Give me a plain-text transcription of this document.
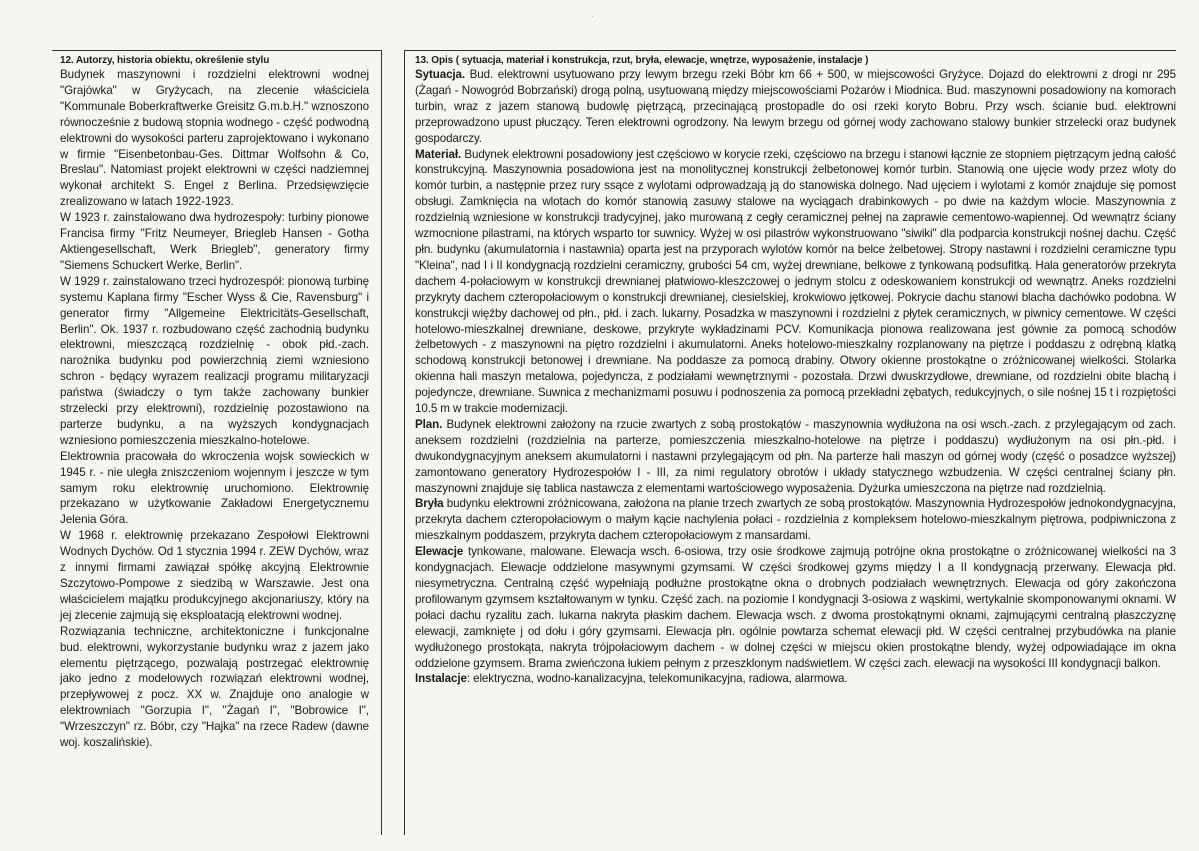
·
12. Autorzy, historia obiektu, określenie stylu

Budynek maszynowni i rozdzielni elektrowni wodnej "Grajówka" w Gryżycach, na zlecenie właściciela "Kommunale Boberkraftwerke Greisitz G.m.b.H." wznoszono równocześnie z budową stopnia wodnego - część podwodną elektrowni do wysokości parteru zaprojektowano i wykonano w firmie "Eisenbetonbau-Ges. Dittmar Wolfsohn & Co, Breslau". Natomiast projekt elektrowni w części nadziemnej wykonał architekt S. Engel z Berlina. Przedsięwzięcie zrealizowano w latach 1922-1923.

W 1923 r. zainstalowano dwa hydrozespoły: turbiny pionowe Francisa firmy "Fritz Neumeyer, Briegleb Hansen - Gotha Aktiengesellschaft, Werk Briegleb", generatory firmy "Siemens Schuckert Werke, Berlin".

W 1929 r. zainstalowano trzeci hydrozespół: pionową turbinę systemu Kaplana firmy "Escher Wyss & Cie, Ravensburg" i generator firmy "Allgemeine Elektricitäts-Gesellschaft, Berlin". Ok. 1937 r. rozbudowano część zachodnią budynku elektrowni, mieszczącą rozdzielnię - obok płd.-zach. narożnika budynku pod powierzchnią ziemi wzniesiono schron - będący wyrazem realizacji programu militaryzacji państwa (świadczy o tym także zachowany bunkier strzelecki przy elektrowni), rozdzielnię pozostawiono na parterze budynku, a na wyższych kondygnacjach wzniesiono pomieszczenia mieszkalno-hotelowe.

Elektrownia pracowała do wkroczenia wojsk sowieckich w 1945 r. - nie uległa zniszczeniom wojennym i jeszcze w tym samym roku elektrownię uruchomiono. Elektrownię przekazano w użytkowanie Zakładowi Energetycznemu Jelenia Góra.

W 1968 r. elektrownię przekazano Zespołowi Elektrowni Wodnych Dychów. Od 1 stycznia 1994 r. ZEW Dychów, wraz z innymi firmami zawiązał spółkę akcyjną Elektrownie Szczytowo-Pompowe z siedzibą w Warszawie. Jest ona właścicielem majątku produkcyjnego akcjonariuszy, który na jej zlecenie zajmują się eksploatacją elektrowni wodnej.

Rozwiązania techniczne, architektoniczne i funkcjonalne bud. elektrowni, wykorzystanie budynku wraz z jazem jako elementu piętrzącego, pozwalają postrzegać elektrownię jako jedno z modelowych rozwiązań elektrowni wodnej, przepływowej z pocz. XX w. Znajduje ono analogie w elektrowniach "Gorzupia I", "Żagań I", "Bobrowice I", "Wrzeszczyn" rz. Bóbr, czy "Hajka" na rzece Radew (dawne woj. koszalińskie).

13. Opis ( sytuacja, materiał i konstrukcja, rzut, bryła, elewacje, wnętrze, wyposażenie, instalacje )

Sytuacja. Bud. elektrowni usytuowano przy lewym brzegu rzeki Bóbr km 66 + 500, w miejscowości Gryżyce. Dojazd do elektrowni z drogi nr 295 (Żagań - Nowogród Bobrzański) drogą polną, usytuowaną między miejscowościami Pożarów i Miodnica. Bud. maszynowni posadowiony na komorach turbin, wraz z jazem stanową budowlę piętrzącą, przecinającą prostopadle do osi rzeki koryto Bobru. Przy wsch. ścianie bud. elektrowni przeprowadzono upust płuczący. Teren elektrowni ogrodzony. Na lewym brzegu od górnej wody zachowano stalowy bunkier strzelecki oraz budynek gospodarczy.

Materiał. Budynek elektrowni posadowiony jest częściowo w korycie rzeki, częściowo na brzegu i stanowi łącznie ze stopniem piętrzącym jedną całość konstrukcyjną. Maszynownia posadowiona jest na monolitycznej konstrukcji żelbetonowej komór turbin. Stanowią one ujęcie wody przez wloty do komór turbin, a następnie przez rury ssące z wylotami odprowadzają ją do stanowiska dolnego. Nad ujęciem i wylotami z komór znajduje się pomost obsługi. Zamknięcia na wlotach do komór stanowią zasuwy stalowe na wyciągach drabinkowych - po dwie na każdym wlocie. Maszynownia z rozdzielnią wzniesione w konstrukcji tradycyjnej, jako murowaną z cegły ceramicznej pełnej na zaprawie cementowo-wapiennej. Od wewnątrz ściany wzmocnione pilastrami, na których wsparto tor suwnicy. Wyżej w osi pilastrów wykonstruowano "siwiki" dla podparcia konstrukcji nośnej dachu. Część płn. budynku (akumulatornia i nastawnia) oparta jest na przyporach wylotów komór na belce żelbetowej. Stropy nastawni i rozdzielni ceramiczne typu "Kleina", nad I i II kondygnacją rozdzielni ceramiczny, grubości 54 cm, wyżej drewniane, belkowe z tynkowaną podsufitką. Hala generatorów przekryta dachem 4-połaciowym w konstrukcji drewnianej płatwiowo-kleszczowej o jednym stolcu z odeskowaniem konstrukcji od wewnątrz. Aneks rozdzielni przykryty dachem czteropołaciowym o konstrukcji drewnianej, ciesielskiej, krokwiowo jętkowej. Pokrycie dachu stanowi blacha dachówko podobna. W konstrukcji więźby dachowej od płn., płd. i zach. lukarny. Posadzka w maszynowni i rozdzielni z płytek ceramicznych, w piwnicy cementowe. W części hotelowo-mieszkalnej drewniane, deskowe, przykryte wykładzinami PCV. Komunikacja pionowa realizowana jest gównie za pomocą schodów żelbetowych - z maszynowni na piętro rozdzielni i akumulatorni. Aneks hotelowo-mieszkalny rozplanowany na piętrze i poddaszu z odrębną klatką schodową konstrukcji betonowej i drewniane. Na poddasze za pomocą drabiny. Otwory okienne prostokątne o zróżnicowanej wielkości. Stolarka okienna hali maszyn metalowa, pojedyncza, z podziałami wewnętrznymi - pozostała. Drzwi dwuskrzydłowe, drewniane, od rozdzielni obite blachą i pojedyncze, drewniane. Suwnica z mechanizmami posuwu i podnoszenia za pomocą przekładni zębatych, redukcyjnych, o sile nośnej 15 t i rozpiętości 10.5 m w trakcie modernizacji.

Plan. Budynek elektrowni założony na rzucie zwartych z sobą prostokątów - maszynownia wydłużona na osi wsch.-zach. z przylegającym od zach. aneksem rozdzielni (rozdzielnia na parterze, pomieszczenia mieszkalno-hotelowe na piętrze i poddaszu) wydłużonym na osi płn.-płd. i dwukondygnacyjnym aneksem akumulatorni i nastawni przylegającym od płn. Na parterze hali maszyn od górnej wody (część o posadzce wyższej) zamontowano generatory Hydrozespołów I - III, za nimi regulatory obrotów i układy statycznego wzbudzenia. W części centralnej ściany płn. maszynowni znajduje się tablica nastawcza z elementami wartościowego wyposażenia. Dyżurka umieszczona na piętrze nad rozdzielnią.

Bryła budynku elektrowni zróżnicowana, założona na planie trzech zwartych ze sobą prostokątów. Maszynownia Hydrozespołów jednokondygnacyjna, przekryta dachem czteropołaciowym o małym kącie nachylenia połaci - rozdzielnia z kompleksem hotelowo-mieszkalnym piętrowa, podpiwniczona z mieszkalnym poddaszem, przykryta dachem czteropołaciowym z mansardami.

Elewacje tynkowane, malowane. Elewacja wsch. 6-osiowa, trzy osie środkowe zajmują potrójne okna prostokątne o zróżnicowanej wielkości na 3 kondygnacjach. Elewacje oddzielone masywnymi gzymsami. W części środkowej gzyms między I a II kondygnacją przerwany. Elewacja płd. niesymetryczna. Centralną część wypełniają podłużne prostokątne okna o drobnych podziałach wewnętrznych. Elewacja od góry zakończona profilowanym gzymsem kształtowanym w tynku. Część zach. na poziomie I kondygnacji 3-osiowa z wąskimi, wertykalnie skomponowanymi oknami. W połaci dachu ryzalitu zach. lukarna nakryta płaskim dachem. Elewacja wsch. z dwoma prostokątnymi oknami, zajmującymi centralną płaszczyznę elewacji, zamknięte j od dołu i góry gzymsami. Elewacja płn. ogólnie powtarza schemat elewacji płd. W części centralnej przybudówka na planie wydłużonego prostokąta, nakryta trójpołaciowym dachem - w dolnej części w miejscu okien prostokątne blendy, wyżej odpowiadające im okna oddzielone gzymsem. Brama zwieńczona łukiem pełnym z przeszklonym nadświetlem. W części zach. elewacji na wysokości III kondygnacji balkon.

Instalacje: elektryczna, wodno-kanalizacyjna, telekomunikacyjna, radiowa, alarmowa.
